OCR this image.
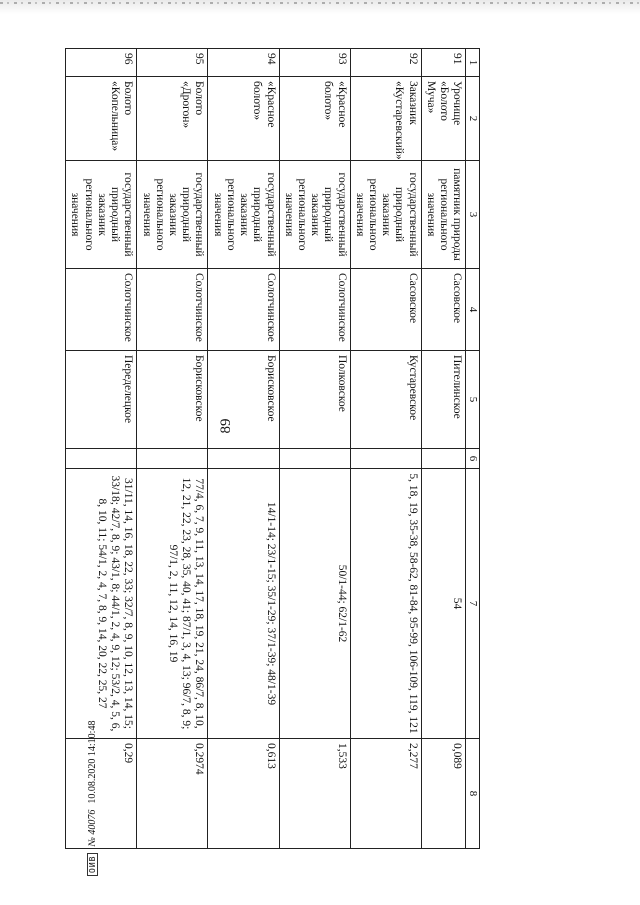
89
1	2	3	4	5	6	7	8
91	Урочище «Болото Муча»	памятник природы регионального значения	Сасовское	Пителинское		54	0,089
92	Заказник «Кустаревский»	государственный природный заказник регионального значения	Сасовское	Кустаревское		5, 18, 19, 35-38, 58-62, 81-84, 95-99, 106-109, 119, 121	2,277
93	«Красное болото»	государственный природный заказник регионального значения	Солотчинское	Полковское		50/1-44; 62/1-62	1,533
94	«Красное болото»	государственный природный заказник регионального значения	Солотчинское	Борисковское		14/1-14; 23/1-15; 35/1-29; 37/1-39; 48/1-39	0,613
95	Болото «Дрогон»	государственный природный заказник регионального значения	Солотчинское	Борисковское		77/4, 6, 7, 9, 11, 13, 14, 17, 18, 19, 21, 24, 86/7, 8, 10, 12, 21, 22, 23, 28, 35, 40, 41; 87/1, 3, 4, 13; 96/7, 8, 9; 97/1, 2, 11, 12, 14, 16, 19	0,2974
96	Болото «Копельница»	государственный природный заказник регионального значения	Солотчинское	Переделецкое		31/11, 14, 16, 18, 22, 33; 32/7, 8, 9, 10, 12, 13, 14, 15; 33/18; 42/7, 8, 9; 43/1, 8; 44/1, 2, 4, 9, 12; 53/2, 4, 5, 6, 8, 10, 11; 54/1, 2, 4, 7, 8, 9, 14, 20, 22, 25, 27	0,29
ОИВ
№ 40076
10.08.2020 14:10:48
